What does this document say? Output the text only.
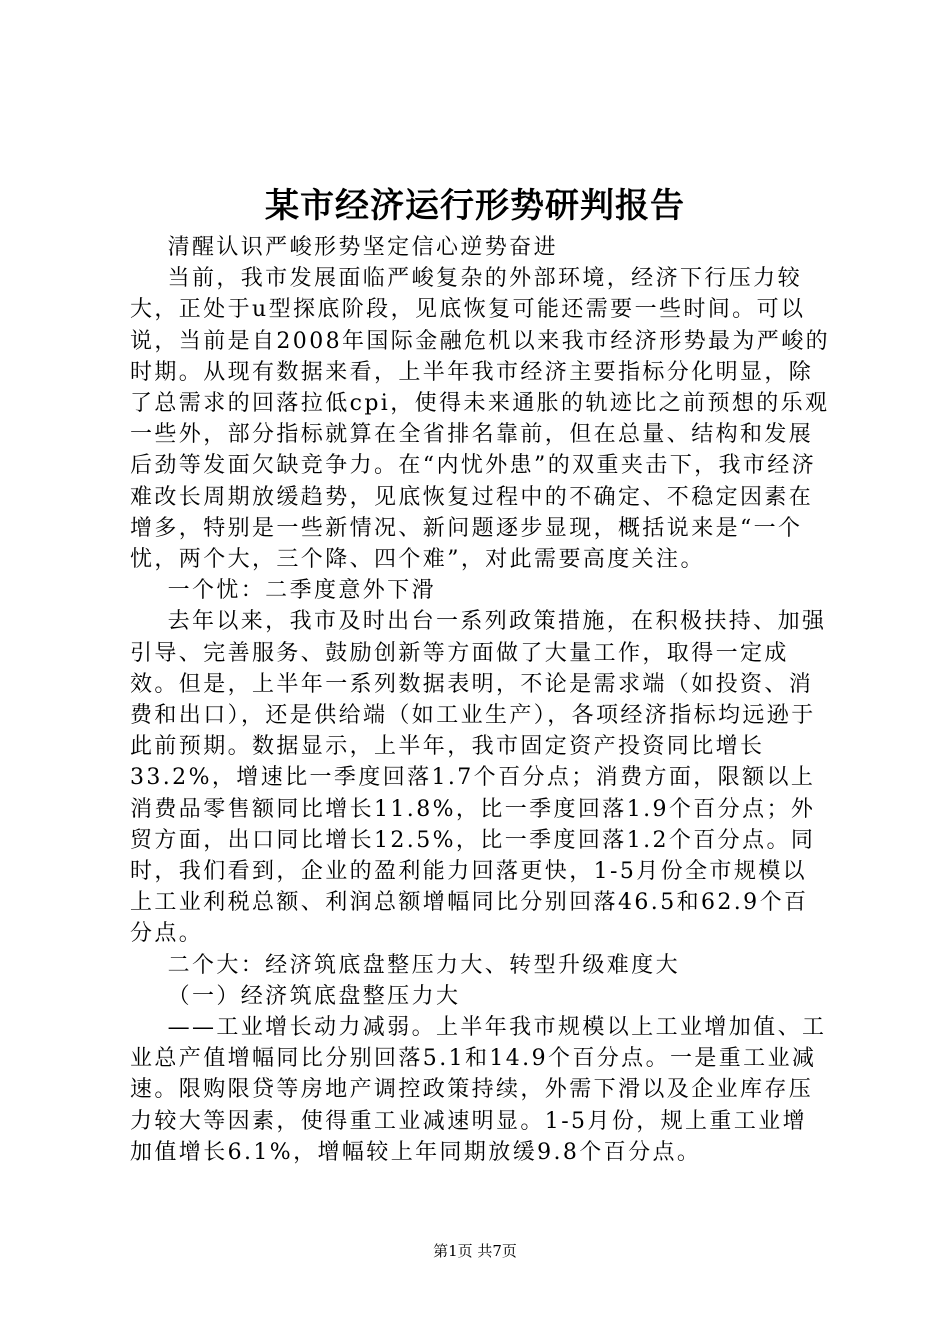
某市经济运行形势研判报告

清醒认识严峻形势坚定信心逆势奋进

当前，我市发展面临严峻复杂的外部环境，经济下行压力较大，正处于u型探底阶段，见底恢复可能还需要一些时间。可以说，当前是自2008年国际金融危机以来我市经济形势最为严峻的时期。从现有数据来看，上半年我市经济主要指标分化明显，除了总需求的回落拉低cpi，使得未来通胀的轨迹比之前预想的乐观一些外，部分指标就算在全省排名靠前，但在总量、结构和发展后劲等发面欠缺竞争力。在“内忧外患”的双重夹击下，我市经济难改长周期放缓趋势，见底恢复过程中的不确定、不稳定因素在增多，特别是一些新情况、新问题逐步显现，概括说来是“一个忧，两个大，三个降、四个难”，对此需要高度关注。

一个忧：二季度意外下滑

去年以来，我市及时出台一系列政策措施，在积极扶持、加强引导、完善服务、鼓励创新等方面做了大量工作，取得一定成效。但是，上半年一系列数据表明，不论是需求端（如投资、消费和出口），还是供给端（如工业生产），各项经济指标均远逊于此前预期。数据显示，上半年，我市固定资产投资同比增长33.2%，增速比一季度回落1.7个百分点；消费方面，限额以上消费品零售额同比增长11.8%，比一季度回落1.9个百分点；外贸方面，出口同比增长12.5%，比一季度回落1.2个百分点。同时，我们看到，企业的盈利能力回落更快，1-5月份全市规模以上工业利税总额、利润总额增幅同比分别回落46.5和62.9个百分点。

二个大：经济筑底盘整压力大、转型升级难度大

（一）经济筑底盘整压力大

——工业增长动力减弱。上半年我市规模以上工业增加值、工业总产值增幅同比分别回落5.1和14.9个百分点。一是重工业减速。限购限贷等房地产调控政策持续，外需下滑以及企业库存压力较大等因素，使得重工业减速明显。1-5月份，规上重工业增加值增长6.1%，增幅较上年同期放缓9.8个百分点。

第1页 共7页
